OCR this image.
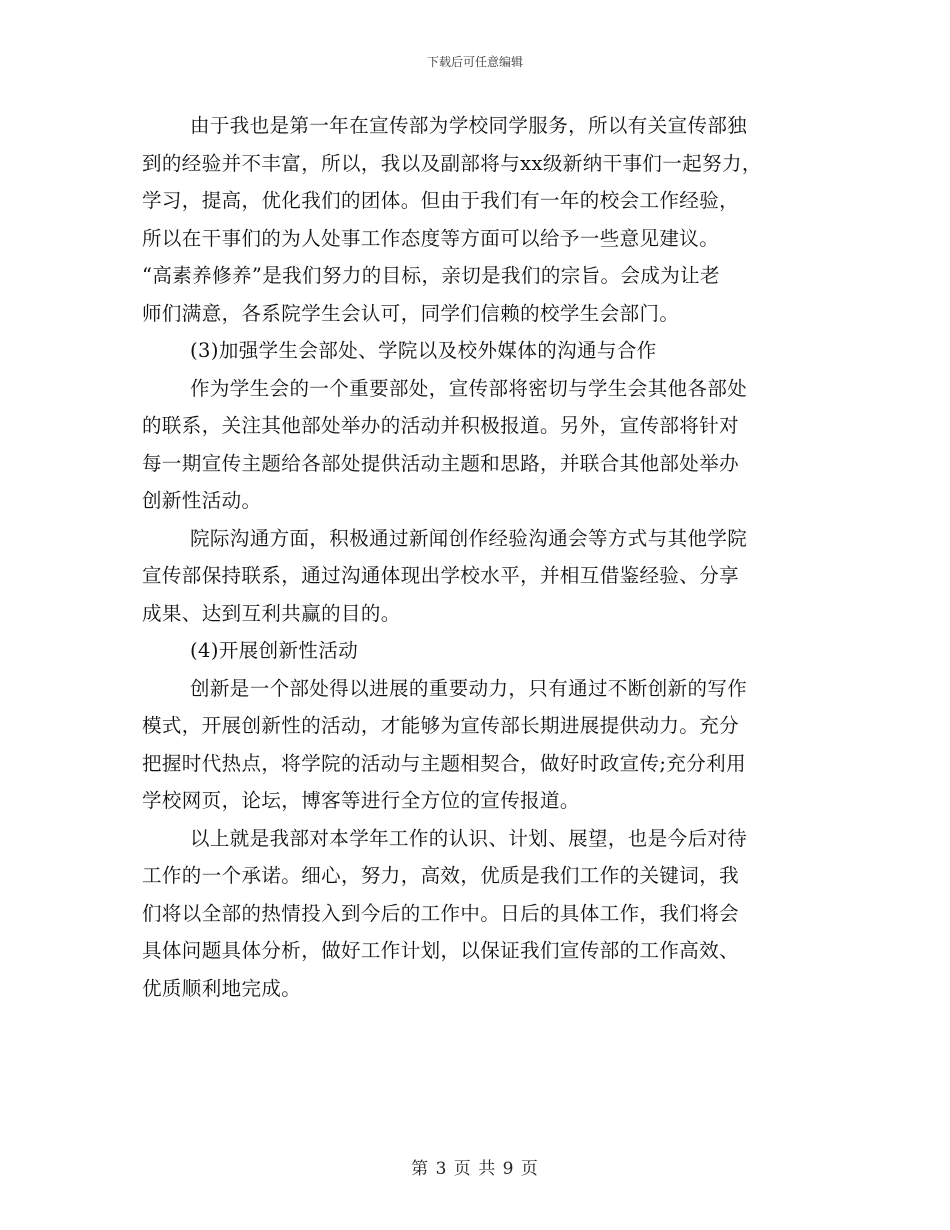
下载后可任意编辑
由于我也是第一年在宣传部为学校同学服务，所以有关宣传部独
到的经验并不丰富，所以，我以及副部将与xx级新纳干事们一起努力，
学习，提高，优化我们的团体。但由于我们有一年的校会工作经验，
所以在干事们的为人处事工作态度等方面可以给予一些意见建议。
“高素养修养”是我们努力的目标，亲切是我们的宗旨。会成为让老
师们满意，各系院学生会认可，同学们信赖的校学生会部门。
(3)加强学生会部处、学院以及校外媒体的沟通与合作
作为学生会的一个重要部处，宣传部将密切与学生会其他各部处
的联系，关注其他部处举办的活动并积极报道。另外，宣传部将针对
每一期宣传主题给各部处提供活动主题和思路，并联合其他部处举办
创新性活动。
院际沟通方面，积极通过新闻创作经验沟通会等方式与其他学院
宣传部保持联系，通过沟通体现出学校水平，并相互借鉴经验、分享
成果、达到互利共赢的目的。
(4)开展创新性活动
创新是一个部处得以进展的重要动力，只有通过不断创新的写作
模式，开展创新性的活动，才能够为宣传部长期进展提供动力。充分
把握时代热点，将学院的活动与主题相契合，做好时政宣传;充分利用
学校网页，论坛，博客等进行全方位的宣传报道。
以上就是我部对本学年工作的认识、计划、展望，也是今后对待
工作的一个承诺。细心，努力，高效，优质是我们工作的关键词，我
们将以全部的热情投入到今后的工作中。日后的具体工作，我们将会
具体问题具体分析，做好工作计划，以保证我们宣传部的工作高效、
优质顺利地完成。
第 3 页 共 9 页
